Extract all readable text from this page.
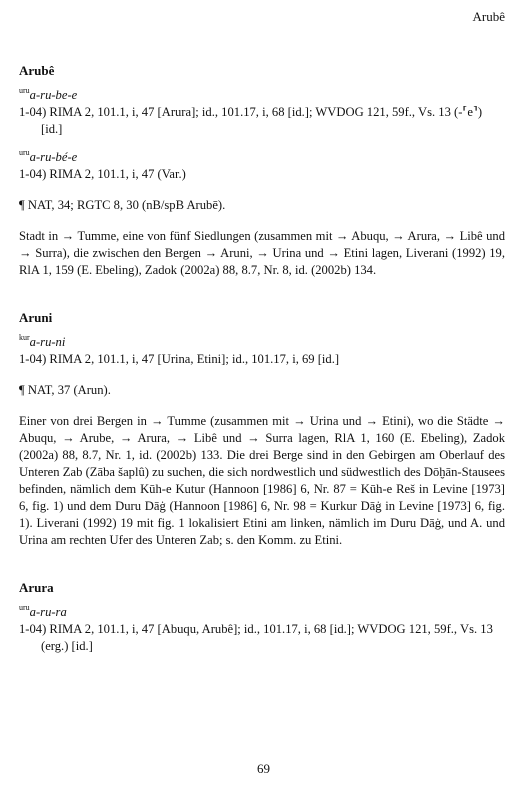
Arubê

Arubê

$^{uru}$a-ru-be-e

1-04) RIMA 2, 101.1, i, 47 [Arura]; id., 101.17, i, 68 [id.]; WVDOG 121, 59f., Vs. 13 (-⸢e⸣) [id.]

$^{uru}$a-ru-bé-e

1-04) RIMA 2, 101.1, i, 47 (Var.)

¶ NAT, 34; RGTC 8, 30 (nB/spB Arubē).

Stadt in → Tumme, eine von fünf Siedlungen (zusammen mit → Abuqu, → Arura, → Libê und → Surra), die zwischen den Bergen → Aruni, → Urina und → Etini lagen, Liverani (1992) 19, RlA 1, 159 (E. Ebeling), Zadok (2002a) 88, 8.7, Nr. 8, id. (2002b) 134.

Aruni

$^{kur}$a-ru-ni

1-04) RIMA 2, 101.1, i, 47 [Urina, Etini]; id., 101.17, i, 69 [id.]

¶ NAT, 37 (Arun).

Einer von drei Bergen in → Tumme (zusammen mit → Urina und → Etini), wo die Städte → Abuqu, → Arube, → Arura, → Libê und → Surra lagen, RlA 1, 160 (E. Ebeling), Zadok (2002a) 88, 8.7, Nr. 1, id. (2002b) 133. Die drei Berge sind in den Gebirgen am Oberlauf des Unteren Zab (Zāba šaplû) zu suchen, die sich nordwestlich und südwestlich des Dōḫān-Stausees befinden, nämlich dem Kūh-e Kutur (Hannoon [1986] 6, Nr. 87 = Kūh-e Reš in Levine [1973] 6, fig. 1) und dem Duru Dāġ (Hannoon [1986] 6, Nr. 98 = Kurkur Dāġ in Levine [1973] 6, fig. 1). Liverani (1992) 19 mit fig. 1 lokalisiert Etini am linken, nämlich im Duru Dāġ, und A. und Urina am rechten Ufer des Unteren Zab; s. den Komm. zu Etini.

Arura

$^{uru}$a-ru-ra

1-04) RIMA 2, 101.1, i, 47 [Abuqu, Arubê]; id., 101.17, i, 68 [id.]; WVDOG 121, 59f., Vs. 13 (erg.) [id.]

69
